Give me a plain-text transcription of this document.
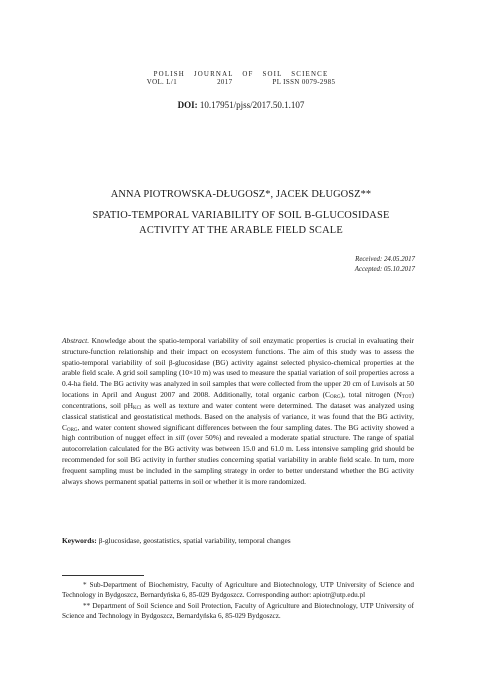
POLISH JOURNAL OF SOIL SCIENCE
VOL. L/1	2017	PL ISSN 0079-2985
DOI: 10.17951/pjss/2017.50.1.107
ANNA PIOTROWSKA-DŁUGOSZ*, JACEK DŁUGOSZ**
SPATIO-TEMPORAL VARIABILITY OF SOIL Β-GLUCOSIDASE
ACTIVITY AT THE ARABLE FIELD SCALE
Received: 24.05.2017
Accepted: 05.10.2017
Abstract. Knowledge about the spatio-temporal variability of soil enzymatic properties is crucial in evaluating their structure-function relationship and their impact on ecosystem functions. The aim of this study was to assess the spatio-temporal variability of soil β-glucosidase (BG) activity against selected physico-chemical properties at the arable field scale. A grid soil sampling (10×10 m) was used to measure the spatial variation of soil properties across a 0.4-ha field. The BG activity was analyzed in soil samples that were collected from the upper 20 cm of Luvisols at 50 locations in April and August 2007 and 2008. Additionally, total organic carbon $(C_{ORG})$, total nitrogen $(N_{TOT})$ concentrations, soil $pH_{KCl}$ as well as texture and water content were determined. The dataset was analyzed using classical statistical and geostatistical methods. Based on the analysis of variance, it was found that the BG activity, $C_{ORG}$, and water content showed significant differences between the four sampling dates. The BG activity showed a high contribution of nugget effect in sill (over 50%) and revealed a moderate spatial structure. The range of spatial autocorrelation calculated for the BG activity was between 15.0 and 61.0 m. Less intensive sampling grid should be recommended for soil BG activity in further studies concerning spatial variability in arable field scale. In turn, more frequent sampling must be included in the sampling strategy in order to better understand whether the BG activity always shows permanent spatial patterns in soil or whether it is more randomized.
Keywords: β-glucosidase, geostatistics, spatial variability, temporal changes

* Sub-Department of Biochemistry, Faculty of Agriculture and Biotechnology, UTP University of Science and Technology in Bydgoszcz, Bernardyńska 6, 85-029 Bydgoszcz. Corresponding author: apiotr@utp.edu.pl

** Department of Soil Science and Soil Protection, Faculty of Agriculture and Biotechnology, UTP University of Science and Technology in Bydgoszcz, Bernardyńska 6, 85-029 Bydgoszcz.
